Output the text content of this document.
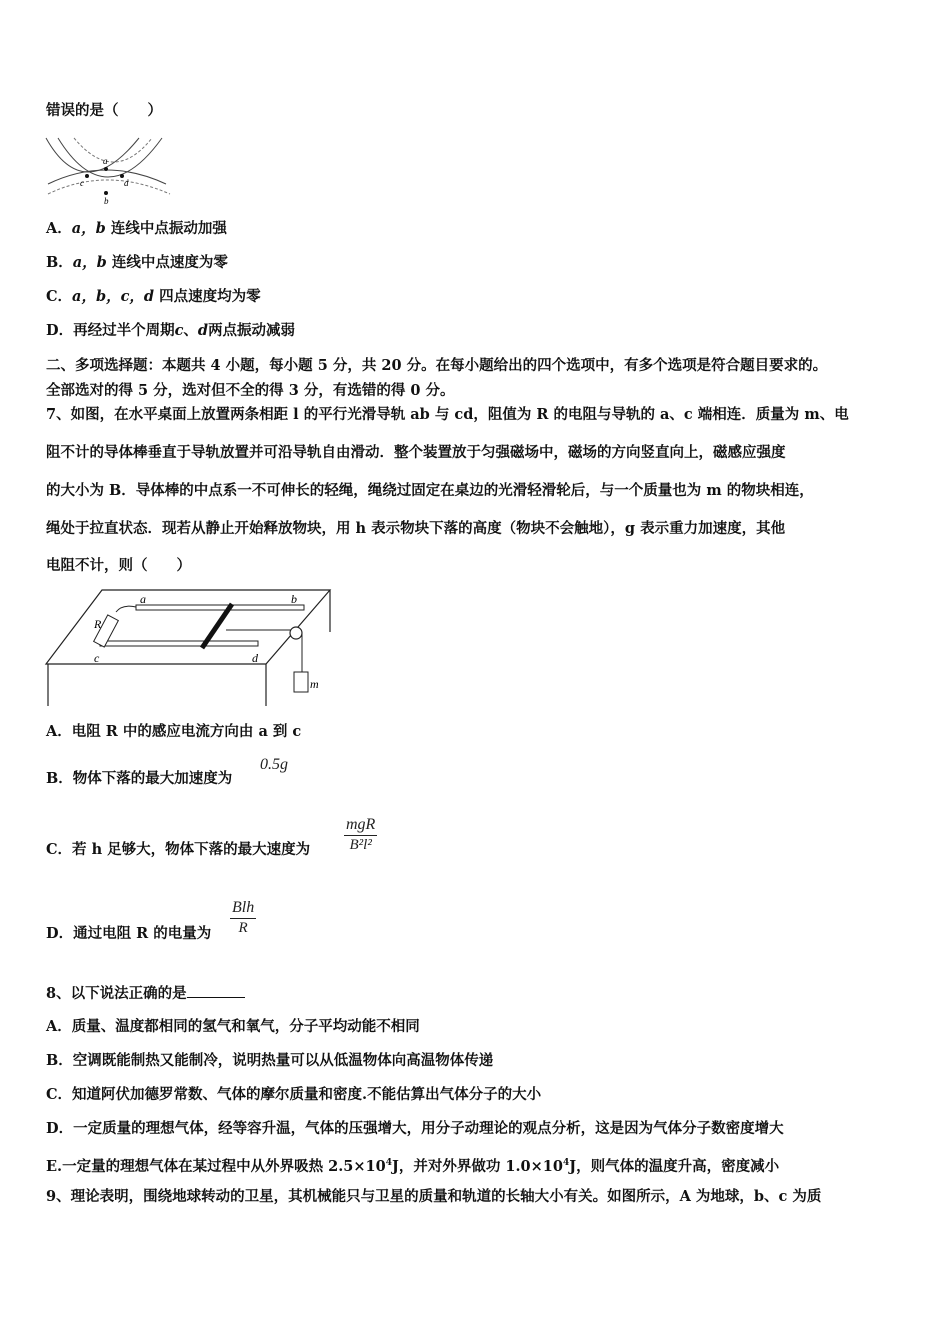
错误的是（　　）
a
b
c	d
A．a，b 连线中点振动加强
B．a，b 连线中点速度为零
C．a，b，c，d 四点速度均为零
D．再经过半个周期c、d两点振动减弱
二、多项选择题：本题共 4 小题，每小题 5 分，共 20 分。在每小题给出的四个选项中，有多个选项是符合题目要求的。
全部选对的得 5 分，选对但不全的得 3 分，有选错的得 0 分。
7、如图，在水平桌面上放置两条相距 l 的平行光滑导轨 ab 与 cd，阻值为 R 的电阻与导轨的 a、c 端相连．质量为 m、电
阻不计的导体棒垂直于导轨放置并可沿导轨自由滑动．整个装置放于匀强磁场中，磁场的方向竖直向上，磁感应强度
的大小为 B．导体棒的中点系一不可伸长的轻绳，绳绕过固定在桌边的光滑轻滑轮后，与一个质量也为 m 的物块相连，
绳处于拉直状态．现若从静止开始释放物块，用 h 表示物块下落的高度（物块不会触地），g 表示重力加速度，其他
电阻不计，则（　　）
a	b
c	d
R
m
A．电阻 R 中的感应电流方向由 a 到 c
B．物体下落的最大加速度为
0.5g
C．若 h 足够大，物体下落的最大速度为
mgR
B²l²
D．通过电阻 R 的电量为
Blh
R
8、以下说法正确的是
A．质量、温度都相同的氢气和氧气，分子平均动能不相同
B．空调既能制热又能制冷，说明热量可以从低温物体向高温物体传递
C．知道阿伏加德罗常数、气体的摩尔质量和密度.不能估算出气体分子的大小
D．一定质量的理想气体，经等容升温，气体的压强增大，用分子动理论的观点分析，这是因为气体分子数密度增大
E.一定量的理想气体在某过程中从外界吸热 $2.5\times 10^4J$，并对外界做功 $1.0\times 10^4J$，则气体的温度升高，密度减小
9、理论表明，围绕地球转动的卫星，其机械能只与卫星的质量和轨道的长轴大小有关。如图所示，A 为地球，b、c 为质
